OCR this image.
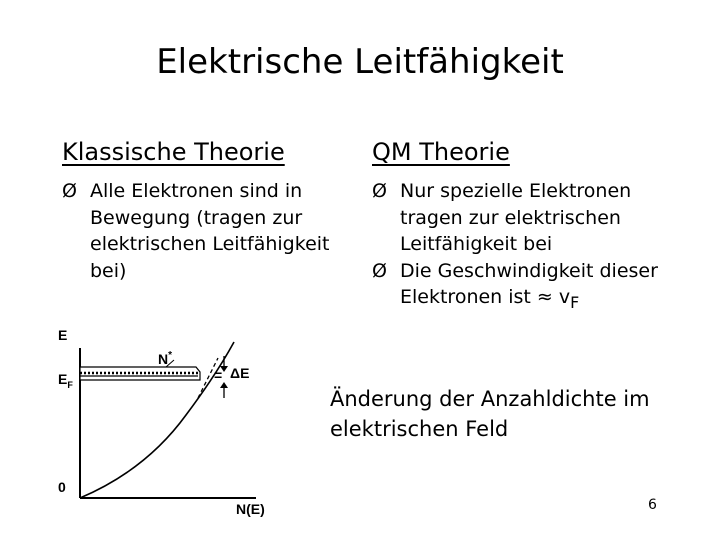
Elektrische Leitfähigkeit
Klassische Theorie	QM Theorie
Ø Alle Elektronen sind in Bewegung (tragen zur elektrischen Leitfähigkeit bei)
Ø Nur spezielle Elektronen tragen zur elektrischen Leitfähigkeit bei
Ø Die Geschwindigkeit dieser Elektronen ist ≈ $v_F$
E
$E_F$
0
N(E)
N*
= ΔE
Änderung der Anzahldichte im elektrischen Feld
6
